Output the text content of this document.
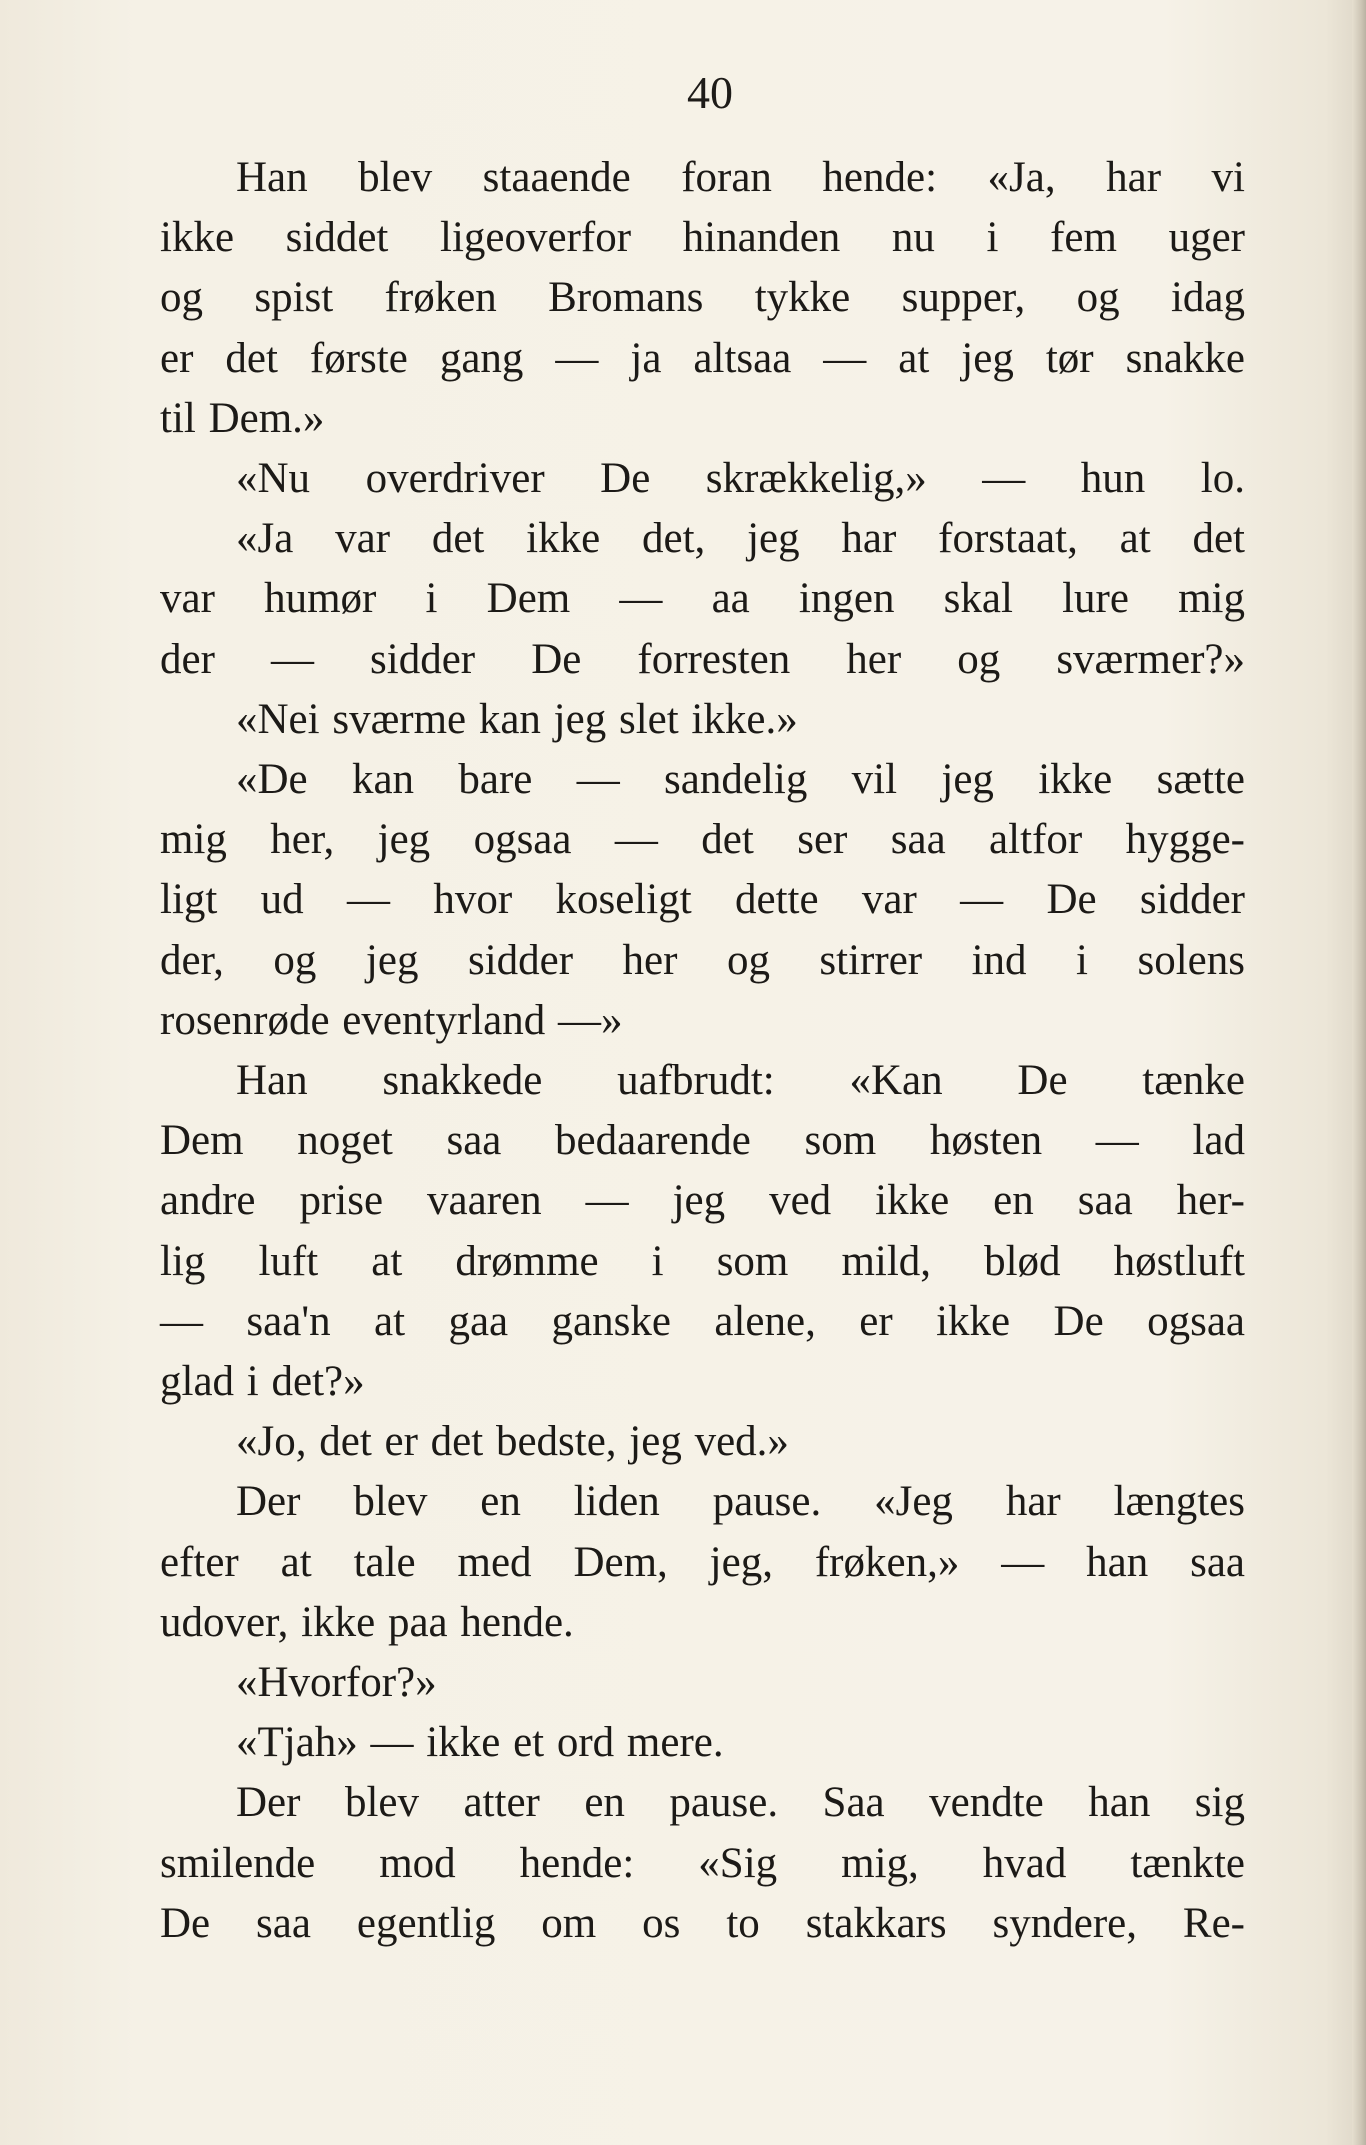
40
Han blev staaende foran hende: «Ja, har vi
ikke siddet ligeoverfor hinanden nu i fem uger
og spist frøken Bromans tykke supper, og idag
er det første gang — ja altsaa — at jeg tør snakke
til Dem.»
«Nu overdriver De skrækkelig,» — hun lo.
«Ja var det ikke det, jeg har forstaat, at det
var humør i Dem — aa ingen skal lure mig
der — sidder De forresten her og sværmer?»
«Nei sværme kan jeg slet ikke.»
«De kan bare — sandelig vil jeg ikke sætte
mig her, jeg ogsaa — det ser saa altfor hygge-
ligt ud — hvor koseligt dette var — De sidder
der, og jeg sidder her og stirrer ind i solens
rosenrøde eventyrland —»
Han snakkede uafbrudt: «Kan De tænke
Dem noget saa bedaarende som høsten — lad
andre prise vaaren — jeg ved ikke en saa her-
lig luft at drømme i som mild, blød høstluft
— saa'n at gaa ganske alene, er ikke De ogsaa
glad i det?»
«Jo, det er det bedste, jeg ved.»
Der blev en liden pause. «Jeg har længtes
efter at tale med Dem, jeg, frøken,» — han saa
udover, ikke paa hende.
«Hvorfor?»
«Tjah» — ikke et ord mere.
Der blev atter en pause. Saa vendte han sig
smilende mod hende: «Sig mig, hvad tænkte
De saa egentlig om os to stakkars syndere, Re-
